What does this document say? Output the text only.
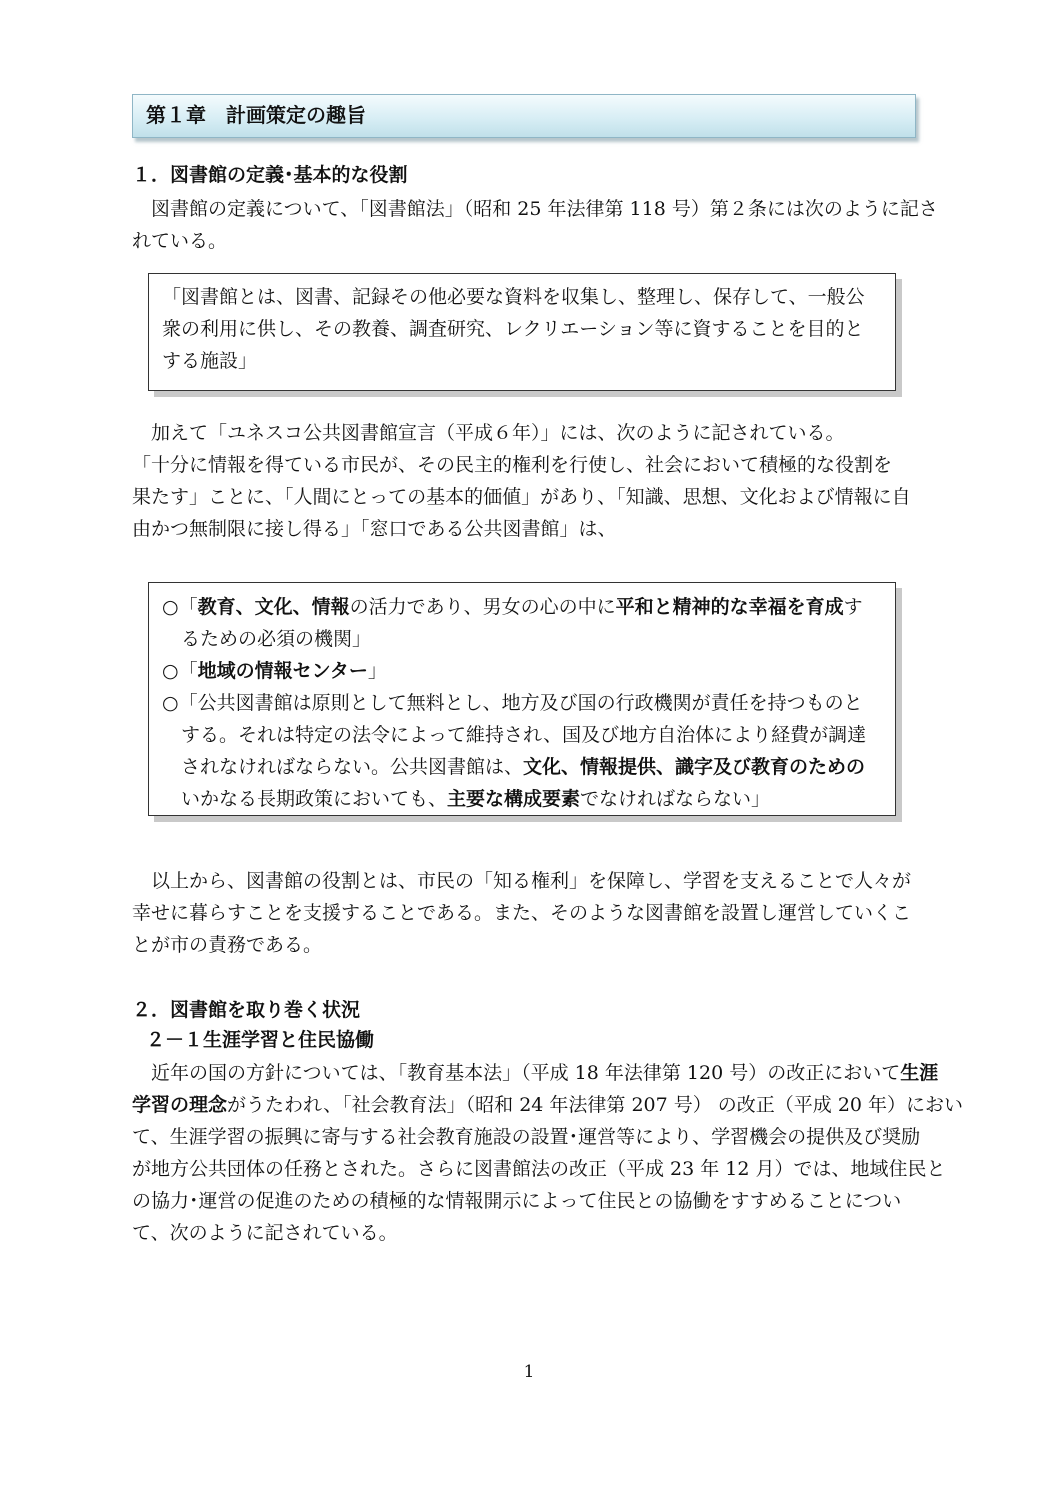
第１章　計画策定の趣旨
１．図書館の定義･基本的な役割
　図書館の定義について、「図書館法」（昭和 25 年法律第 118 号）第２条には次のように記さ
れている。
「図書館とは、図書、記録その他必要な資料を収集し、整理し、保存して、一般公
衆の利用に供し、その教養、調査研究、レクリエーション等に資することを目的と
する施設」
　加えて「ユネスコ公共図書館宣言（平成６年）」には、次のように記されている。
「十分に情報を得ている市民が、その民主的権利を行使し、社会において積極的な役割を
果たす」ことに、「人間にとっての基本的価値」があり、「知識、思想、文化および情報に自
由かつ無制限に接し得る」「窓口である公共図書館」は、
○「教育、文化、情報の活力であり、男女の心の中に平和と精神的な幸福を育成す
　るための必須の機関」
○「地域の情報センター」
○「公共図書館は原則として無料とし、地方及び国の行政機関が責任を持つものと
　する。それは特定の法令によって維持され、国及び地方自治体により経費が調達
　されなければならない。公共図書館は、文化、情報提供、識字及び教育のための
　いかなる長期政策においても、主要な構成要素でなければならない」
　以上から、図書館の役割とは、市民の「知る権利」を保障し、学習を支えることで人々が
幸せに暮らすことを支援することである。また、そのような図書館を設置し運営していくこ
とが市の責務である。
２．図書館を取り巻く状況
２－１生涯学習と住民協働
　近年の国の方針については、「教育基本法」（平成 18 年法律第 120 号）の改正において生涯
学習の理念がうたわれ、「社会教育法」（昭和 24 年法律第 207 号） の改正（平成 20 年）におい
て、生涯学習の振興に寄与する社会教育施設の設置･運営等により、学習機会の提供及び奨励
が地方公共団体の任務とされた。さらに図書館法の改正（平成 23 年 12 月）では、地域住民と
の協力･運営の促進のための積極的な情報開示によって住民との協働をすすめることについ
て、次のように記されている。
1
